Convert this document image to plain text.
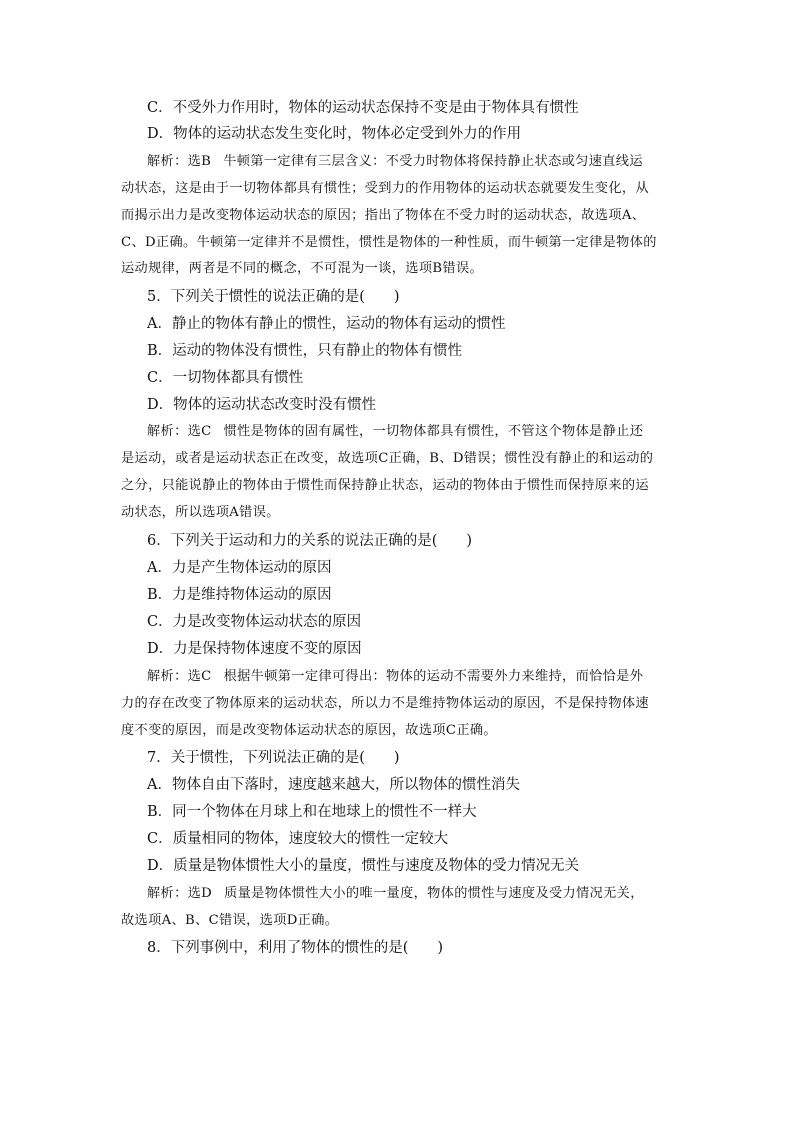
C．不受外力作用时，物体的运动状态保持不变是由于物体具有惯性
D．物体的运动状态发生变化时，物体必定受到外力的作用
解析：选B 牛顿第一定律有三层含义：不受力时物体将保持静止状态或匀速直线运
动状态，这是由于一切物体都具有惯性；受到力的作用物体的运动状态就要发生变化，从
而揭示出力是改变物体运动状态的原因；指出了物体在不受力时的运动状态，故选项A、
C、D正确。牛顿第一定律并不是惯性，惯性是物体的一种性质，而牛顿第一定律是物体的
运动规律，两者是不同的概念，不可混为一谈，选项B错误。
5．下列关于惯性的说法正确的是(　　)
A．静止的物体有静止的惯性，运动的物体有运动的惯性
B．运动的物体没有惯性，只有静止的物体有惯性
C．一切物体都具有惯性
D．物体的运动状态改变时没有惯性
解析：选C 惯性是物体的固有属性，一切物体都具有惯性，不管这个物体是静止还
是运动，或者是运动状态正在改变，故选项C正确，B、D错误；惯性没有静止的和运动的
之分，只能说静止的物体由于惯性而保持静止状态，运动的物体由于惯性而保持原来的运
动状态，所以选项A错误。
6．下列关于运动和力的关系的说法正确的是(　　)
A．力是产生物体运动的原因
B．力是维持物体运动的原因
C．力是改变物体运动状态的原因
D．力是保持物体速度不变的原因
解析：选C 根据牛顿第一定律可得出：物体的运动不需要外力来维持，而恰恰是外
力的存在改变了物体原来的运动状态，所以力不是维持物体运动的原因，不是保持物体速
度不变的原因，而是改变物体运动状态的原因，故选项C正确。
7．关于惯性，下列说法正确的是(　　)
A．物体自由下落时，速度越来越大，所以物体的惯性消失
B．同一个物体在月球上和在地球上的惯性不一样大
C．质量相同的物体，速度较大的惯性一定较大
D．质量是物体惯性大小的量度，惯性与速度及物体的受力情况无关
解析：选D 质量是物体惯性大小的唯一量度，物体的惯性与速度及受力情况无关，
故选项A、B、C错误，选项D正确。
8．下列事例中，利用了物体的惯性的是(　　)
